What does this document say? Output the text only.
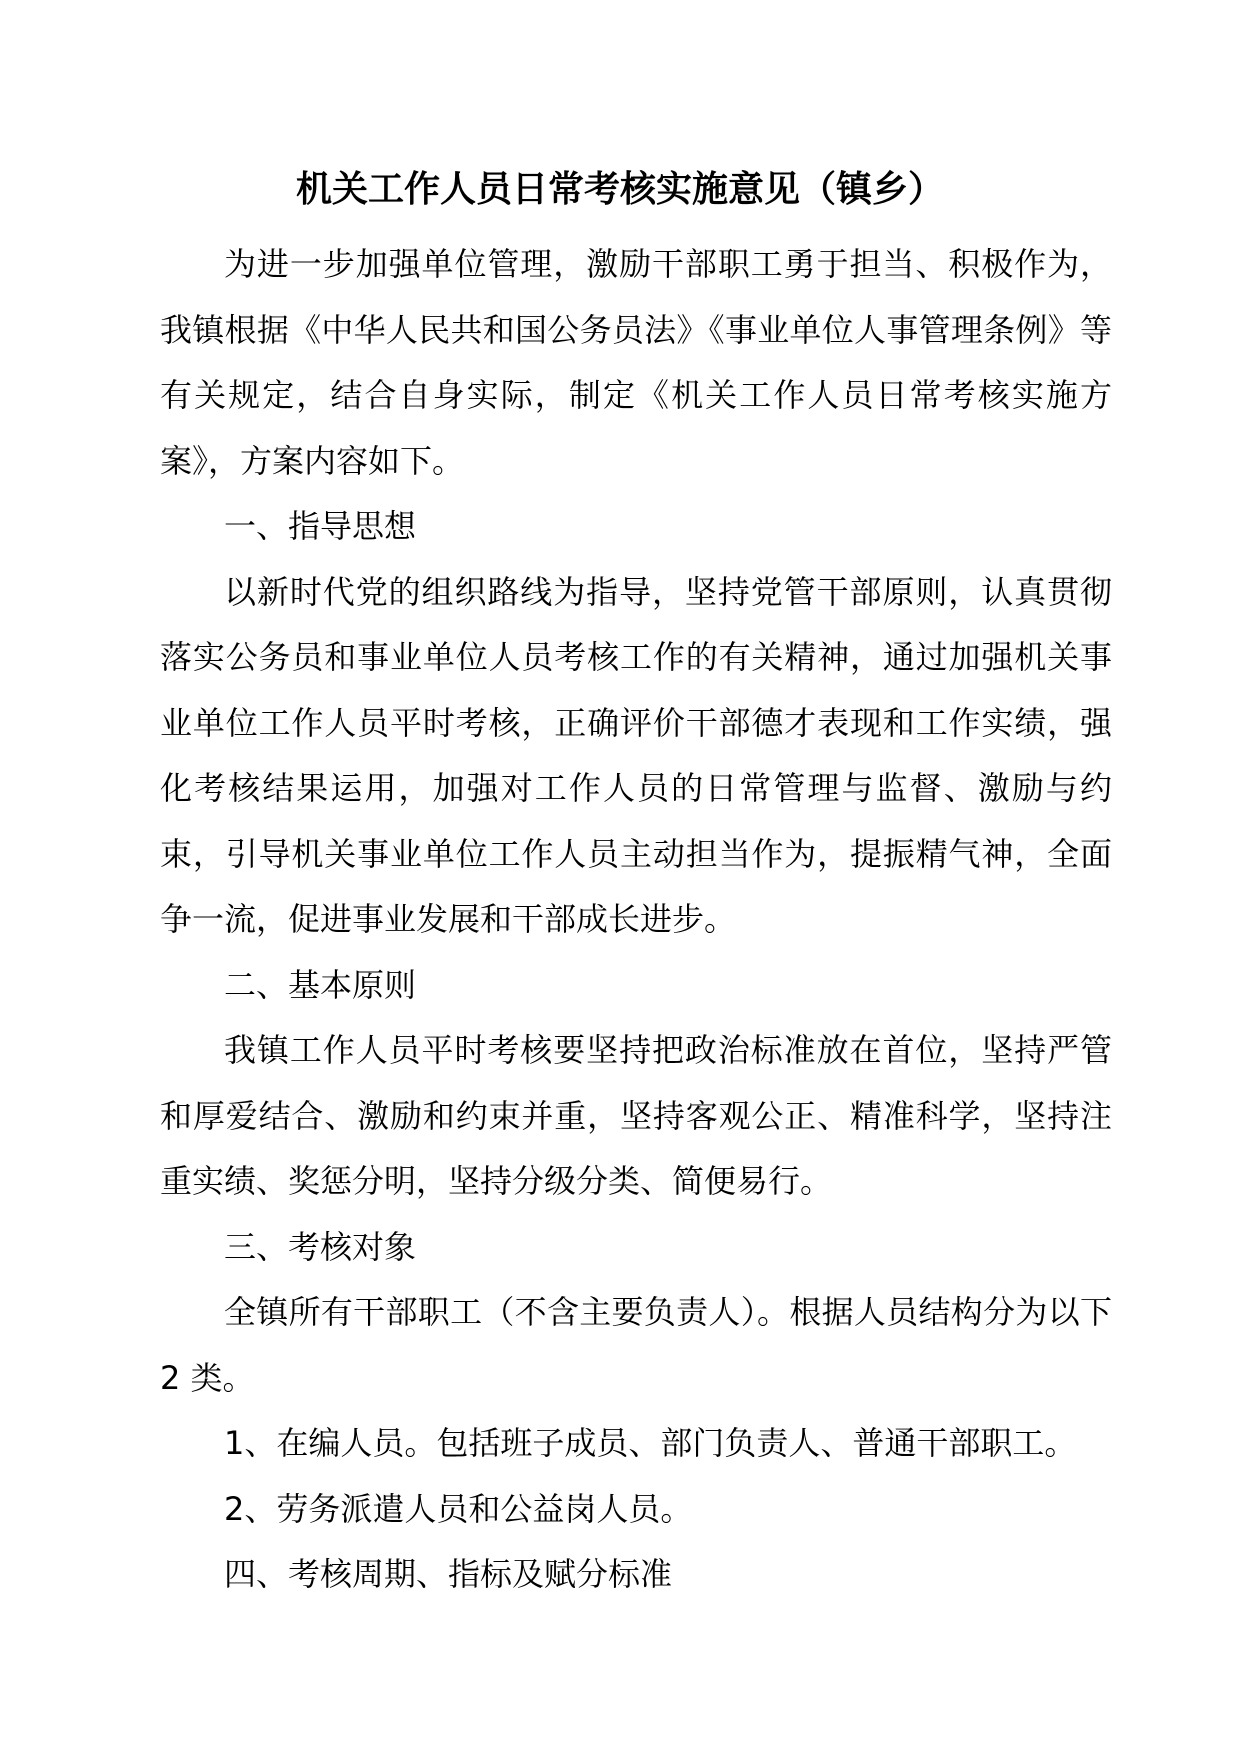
机关工作人员日常考核实施意见（镇乡）

为进一步加强单位管理，激励干部职工勇于担当、积极作为，我镇根据《中华人民共和国公务员法》《事业单位人事管理条例》等有关规定，结合自身实际，制定《机关工作人员日常考核实施方案》，方案内容如下。

一、指导思想

以新时代党的组织路线为指导，坚持党管干部原则，认真贯彻落实公务员和事业单位人员考核工作的有关精神，通过加强机关事业单位工作人员平时考核，正确评价干部德才表现和工作实绩，强化考核结果运用，加强对工作人员的日常管理与监督、激励与约束，引导机关事业单位工作人员主动担当作为，提振精气神，全面争一流，促进事业发展和干部成长进步。

二、基本原则

我镇工作人员平时考核要坚持把政治标准放在首位，坚持严管和厚爱结合、激励和约束并重，坚持客观公正、精准科学，坚持注重实绩、奖惩分明，坚持分级分类、简便易行。

三、考核对象

全镇所有干部职工（不含主要负责人）。根据人员结构分为以下 2 类。

1、在编人员。包括班子成员、部门负责人、普通干部职工。

2、劳务派遣人员和公益岗人员。

四、考核周期、指标及赋分标准
